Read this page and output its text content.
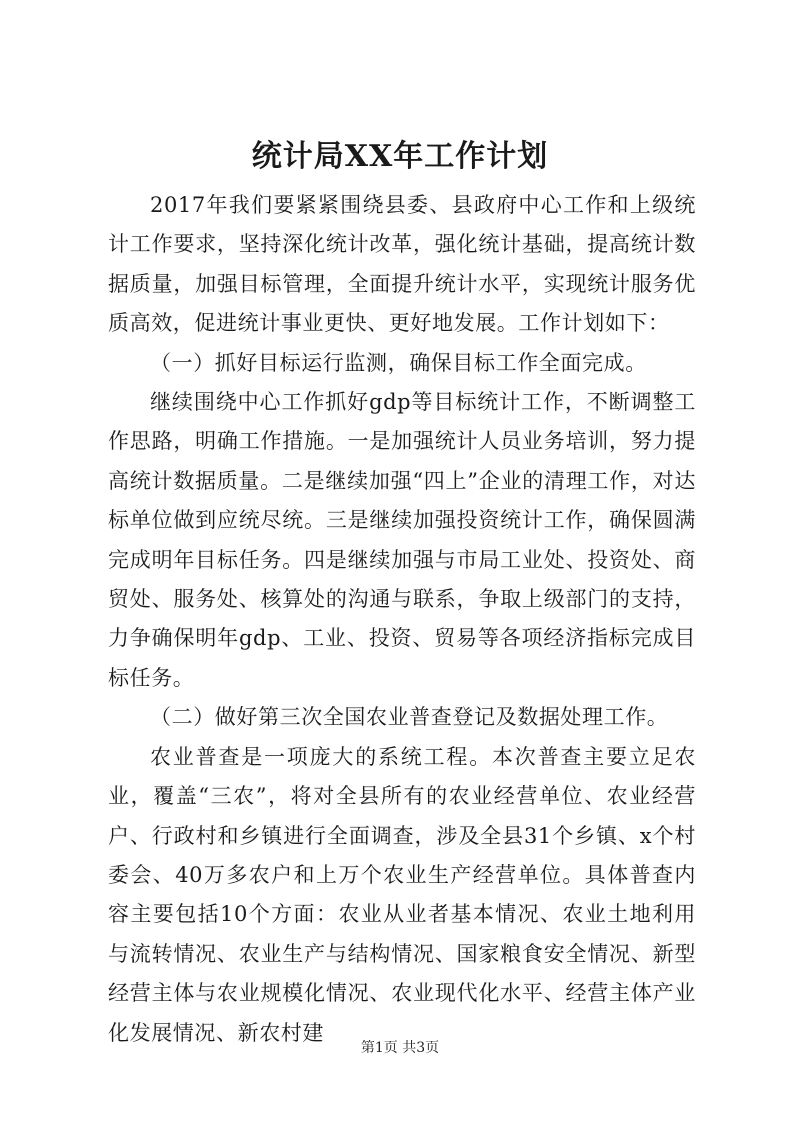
统计局XX年工作计划

2017年我们要紧紧围绕县委、县政府中心工作和上级统计工作要求，坚持深化统计改革，强化统计基础，提高统计数据质量，加强目标管理，全面提升统计水平，实现统计服务优质高效，促进统计事业更快、更好地发展。工作计划如下：

（一）抓好目标运行监测，确保目标工作全面完成。

继续围绕中心工作抓好gdp等目标统计工作，不断调整工作思路，明确工作措施。一是加强统计人员业务培训，努力提高统计数据质量。二是继续加强“四上”企业的清理工作，对达标单位做到应统尽统。三是继续加强投资统计工作，确保圆满完成明年目标任务。四是继续加强与市局工业处、投资处、商贸处、服务处、核算处的沟通与联系，争取上级部门的支持，力争确保明年gdp、工业、投资、贸易等各项经济指标完成目标任务。

（二）做好第三次全国农业普查登记及数据处理工作。

农业普查是一项庞大的系统工程。本次普查主要立足农业，覆盖“三农”，将对全县所有的农业经营单位、农业经营户、行政村和乡镇进行全面调查，涉及全县31个乡镇、x个村委会、40万多农户和上万个农业生产经营单位。具体普查内容主要包括10个方面：农业从业者基本情况、农业土地利用与流转情况、农业生产与结构情况、国家粮食安全情况、新型经营主体与农业规模化情况、农业现代化水平、经营主体产业化发展情况、新农村建

第1页 共3页
